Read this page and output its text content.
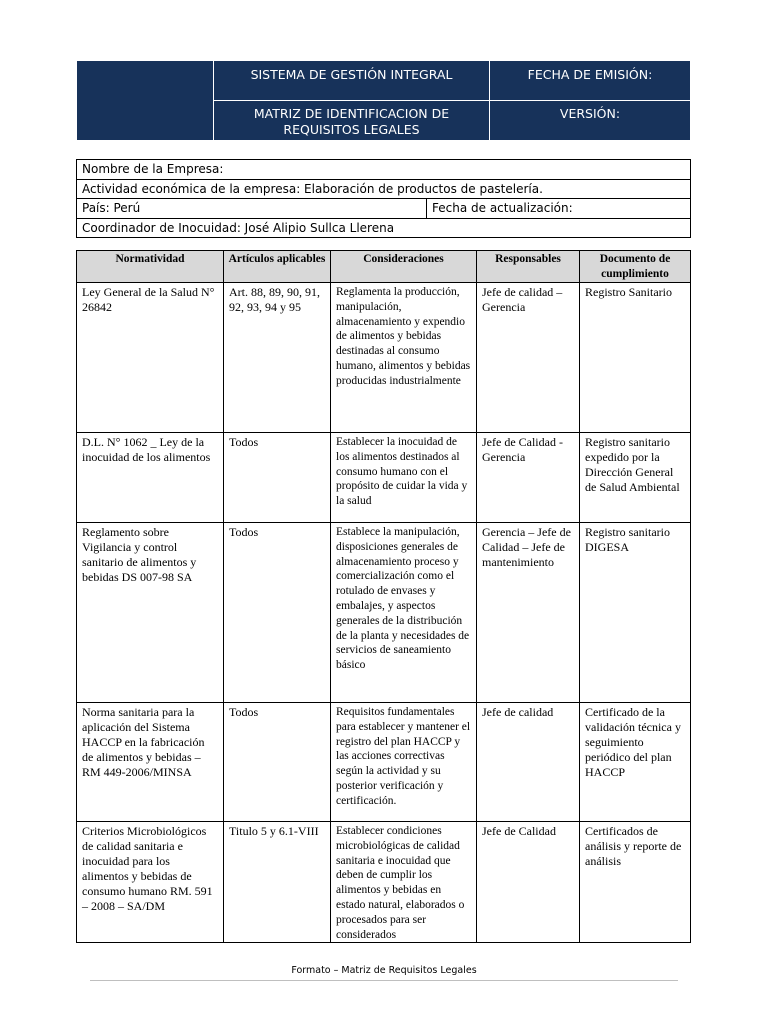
	SISTEMA DE GESTIÓN INTEGRAL	FECHA DE EMISIÓN:
	MATRIZ DE IDENTIFICACION DE REQUISITOS LEGALES	VERSIÓN:
Nombre de la Empresa:
Actividad económica de la empresa: Elaboración de productos de pastelería.
País: Perú	Fecha de actualización:
Coordinador de Inocuidad: José Alipio Sullca Llerena
Normatividad	Artículos aplicables	Consideraciones	Responsables	Documento de cumplimiento
Ley General de la Salud N° 26842	Art. 88, 89, 90, 91, 92, 93, 94 y 95	Reglamenta la producción, manipulación, almacenamiento y expendio de alimentos y bebidas destinadas al consumo humano, alimentos y bebidas producidas industrialmente	Jefe de calidad – Gerencia	Registro Sanitario
D.L. N° 1062 _ Ley de la inocuidad de los alimentos	Todos	Establecer la inocuidad de los alimentos destinados al consumo humano con el propósito de cuidar la vida y la salud	Jefe de Calidad - Gerencia	Registro sanitario expedido por la Dirección General de Salud Ambiental
Reglamento sobre Vigilancia y control sanitario de alimentos y bebidas DS 007-98 SA	Todos	Establece la manipulación, disposiciones generales de almacenamiento proceso y comercialización como el rotulado de envases y embalajes, y aspectos generales de la distribución de la planta y necesidades de servicios de saneamiento básico	Gerencia – Jefe de Calidad – Jefe de mantenimiento	Registro sanitario DIGESA
Norma sanitaria para la aplicación del Sistema HACCP en la fabricación de alimentos y bebidas – RM 449-2006/MINSA	Todos	Requisitos fundamentales para establecer y mantener el registro del plan HACCP y las acciones correctivas según la actividad y su posterior verificación y certificación.	Jefe de calidad	Certificado de la validación técnica y seguimiento periódico del plan HACCP
Criterios Microbiológicos de calidad sanitaria e inocuidad para los alimentos y bebidas de consumo humano RM. 591 – 2008 – SA/DM	Titulo 5 y 6.1-VIII	Establecer condiciones microbiológicas de calidad sanitaria e inocuidad que deben de cumplir los alimentos y bebidas en estado natural, elaborados o procesados para ser considerados	Jefe de Calidad	Certificados de análisis y reporte de análisis
Formato – Matriz de Requisitos Legales
